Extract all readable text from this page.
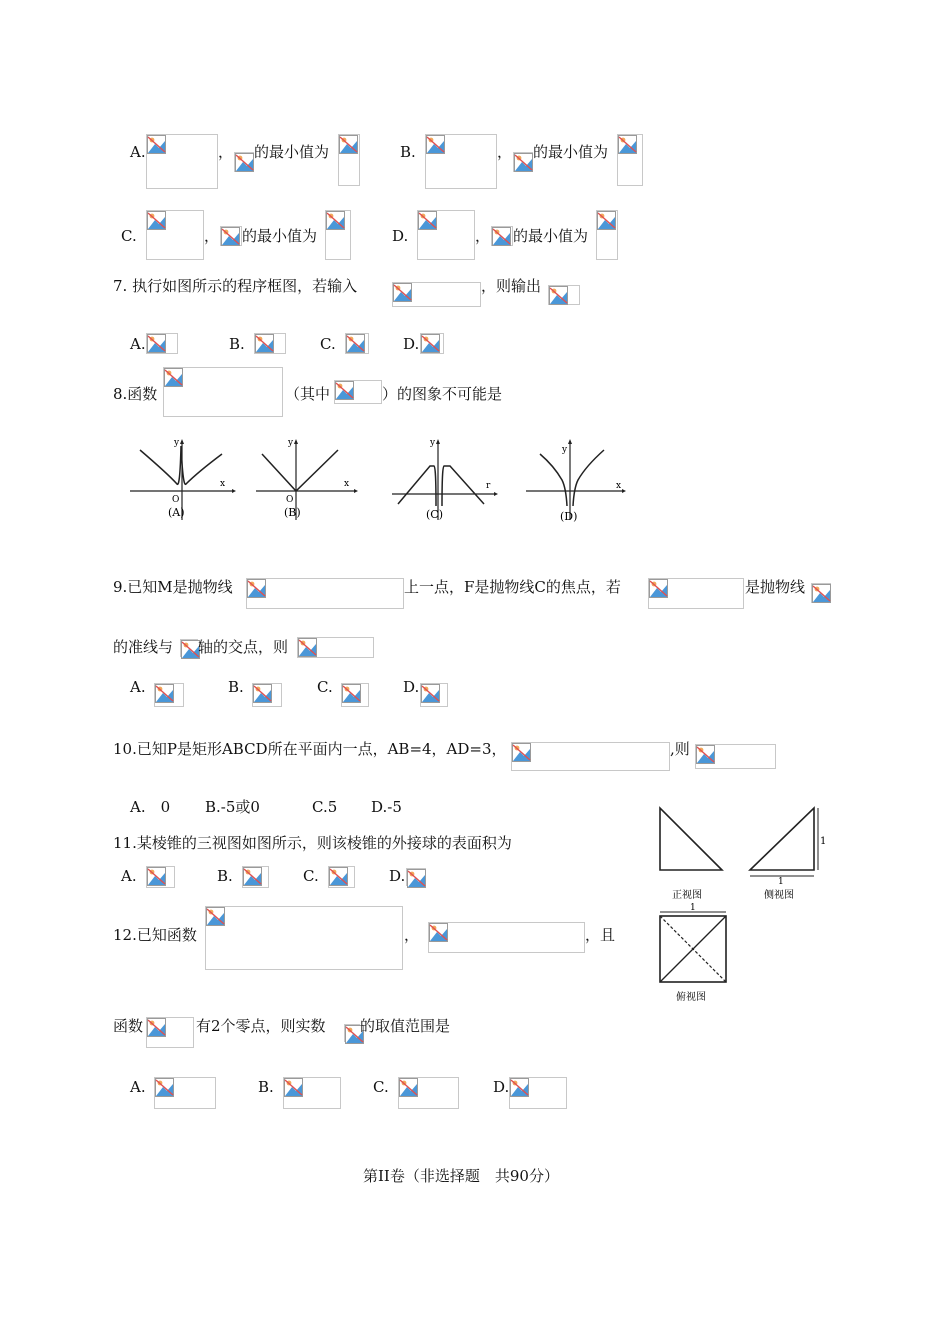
A.	， 的最小值为	B.	， 的最小值为
C.	， 的最小值为	D.	， 的最小值为
7. 执行如图所示的程序框图，若输入	，则输出
A.	B.	C.	D.
8.函数	（其中	）的图象不可能是
y
x
O
(A)
y
x
O
(B)
y
r
(C)
y
x
(D)
9.已知M是抛物线	上一点，F是抛物线C的焦点，若	是抛物线
的准线与 轴的交点，则
A.	B.	C.	D.
10.已知P是矩形ABCD所在平面内一点，AB=4，AD=3，	,则
A.　0 B.-5或0	C.5 D.-5
11.某棱锥的三视图如图所示，则该棱锥的外接球的表面积为
A.	B.	C.	D.
正视图
1
1
侧视图
1
俯视图
12.已知函数	，	，且
函数	有2个零点，则实数 的取值范围是
A.	B.	C.	D.
第II卷（非选择题　共90分）
